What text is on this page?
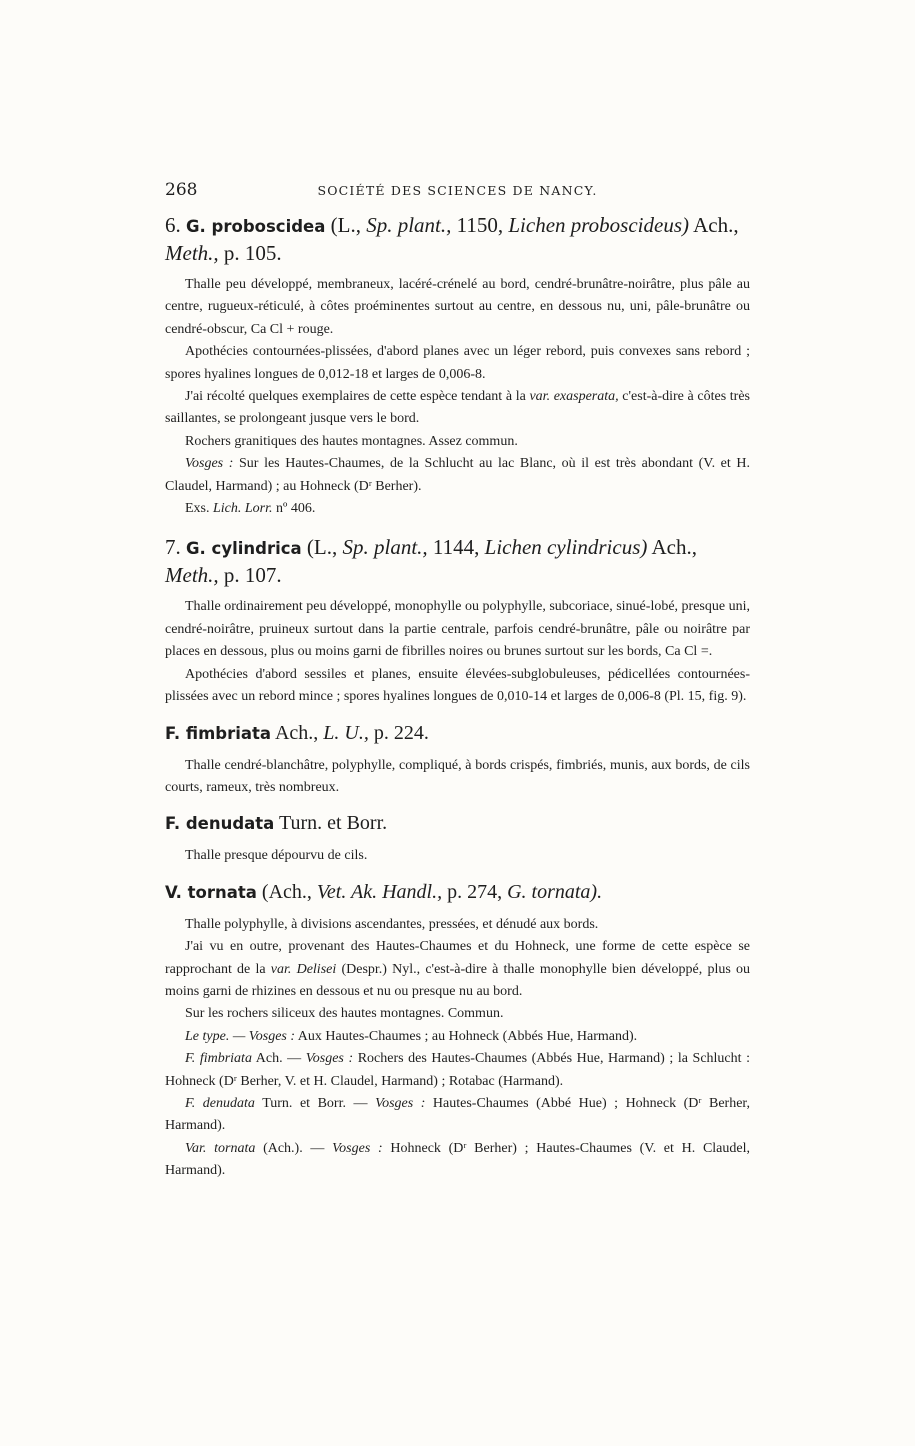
268	SOCIÉTÉ DES SCIENCES DE NANCY.
6. G. proboscidea (L., Sp. plant., 1150, Lichen proboscideus) Ach., Meth., p. 105.

Thalle peu développé, membraneux, lacéré-crénelé au bord, cendré-brunâtre-noirâtre, plus pâle au centre, rugueux-réticulé, à côtes proéminentes surtout au centre, en dessous nu, uni, pâle-brunâtre ou cendré-obscur, Ca Cl + rouge.

Apothécies contournées-plissées, d'abord planes avec un léger rebord, puis convexes sans rebord ; spores hyalines longues de 0,012-18 et larges de 0,006-8.

J'ai récolté quelques exemplaires de cette espèce tendant à la var. exasperata, c'est-à-dire à côtes très saillantes, se prolongeant jusque vers le bord.

Rochers granitiques des hautes montagnes. Assez commun.

Vosges : Sur les Hautes-Chaumes, de la Schlucht au lac Blanc, où il est très abondant (V. et H. Claudel, Harmand) ; au Hohneck (Dʳ Berher).

Exs. Lich. Lorr. nº 406.

7. G. cylindrica (L., Sp. plant., 1144, Lichen cylindricus) Ach., Meth., p. 107.

Thalle ordinairement peu développé, monophylle ou polyphylle, subcoriace, sinué-lobé, presque uni, cendré-noirâtre, pruineux surtout dans la partie centrale, parfois cendré-brunâtre, pâle ou noirâtre par places en dessous, plus ou moins garni de fibrilles noires ou brunes surtout sur les bords, Ca Cl =.

Apothécies d'abord sessiles et planes, ensuite élevées-subglobuleuses, pédicellées contournées-plissées avec un rebord mince ; spores hyalines longues de 0,010-14 et larges de 0,006-8 (Pl. 15, fig. 9).

F. fimbriata Ach., L. U., p. 224.

Thalle cendré-blanchâtre, polyphylle, compliqué, à bords crispés, fimbriés, munis, aux bords, de cils courts, rameux, très nombreux.

F. denudata Turn. et Borr.

Thalle presque dépourvu de cils.

V. tornata (Ach., Vet. Ak. Handl., p. 274, G. tornata).

Thalle polyphylle, à divisions ascendantes, pressées, et dénudé aux bords.

J'ai vu en outre, provenant des Hautes-Chaumes et du Hohneck, une forme de cette espèce se rapprochant de la var. Delisei (Despr.) Nyl., c'est-à-dire à thalle monophylle bien développé, plus ou moins garni de rhizines en dessous et nu ou presque nu au bord.

Sur les rochers siliceux des hautes montagnes. Commun.

Le type. — Vosges : Aux Hautes-Chaumes ; au Hohneck (Abbés Hue, Harmand).

F. fimbriata Ach. — Vosges : Rochers des Hautes-Chaumes (Abbés Hue, Harmand) ; la Schlucht : Hohneck (Dʳ Berher, V. et H. Claudel, Harmand) ; Rotabac (Harmand).

F. denudata Turn. et Borr. — Vosges : Hautes-Chaumes (Abbé Hue) ; Hohneck (Dʳ Berher, Harmand).

Var. tornata (Ach.). — Vosges : Hohneck (Dʳ Berher) ; Hautes-Chaumes (V. et H. Claudel, Harmand).
